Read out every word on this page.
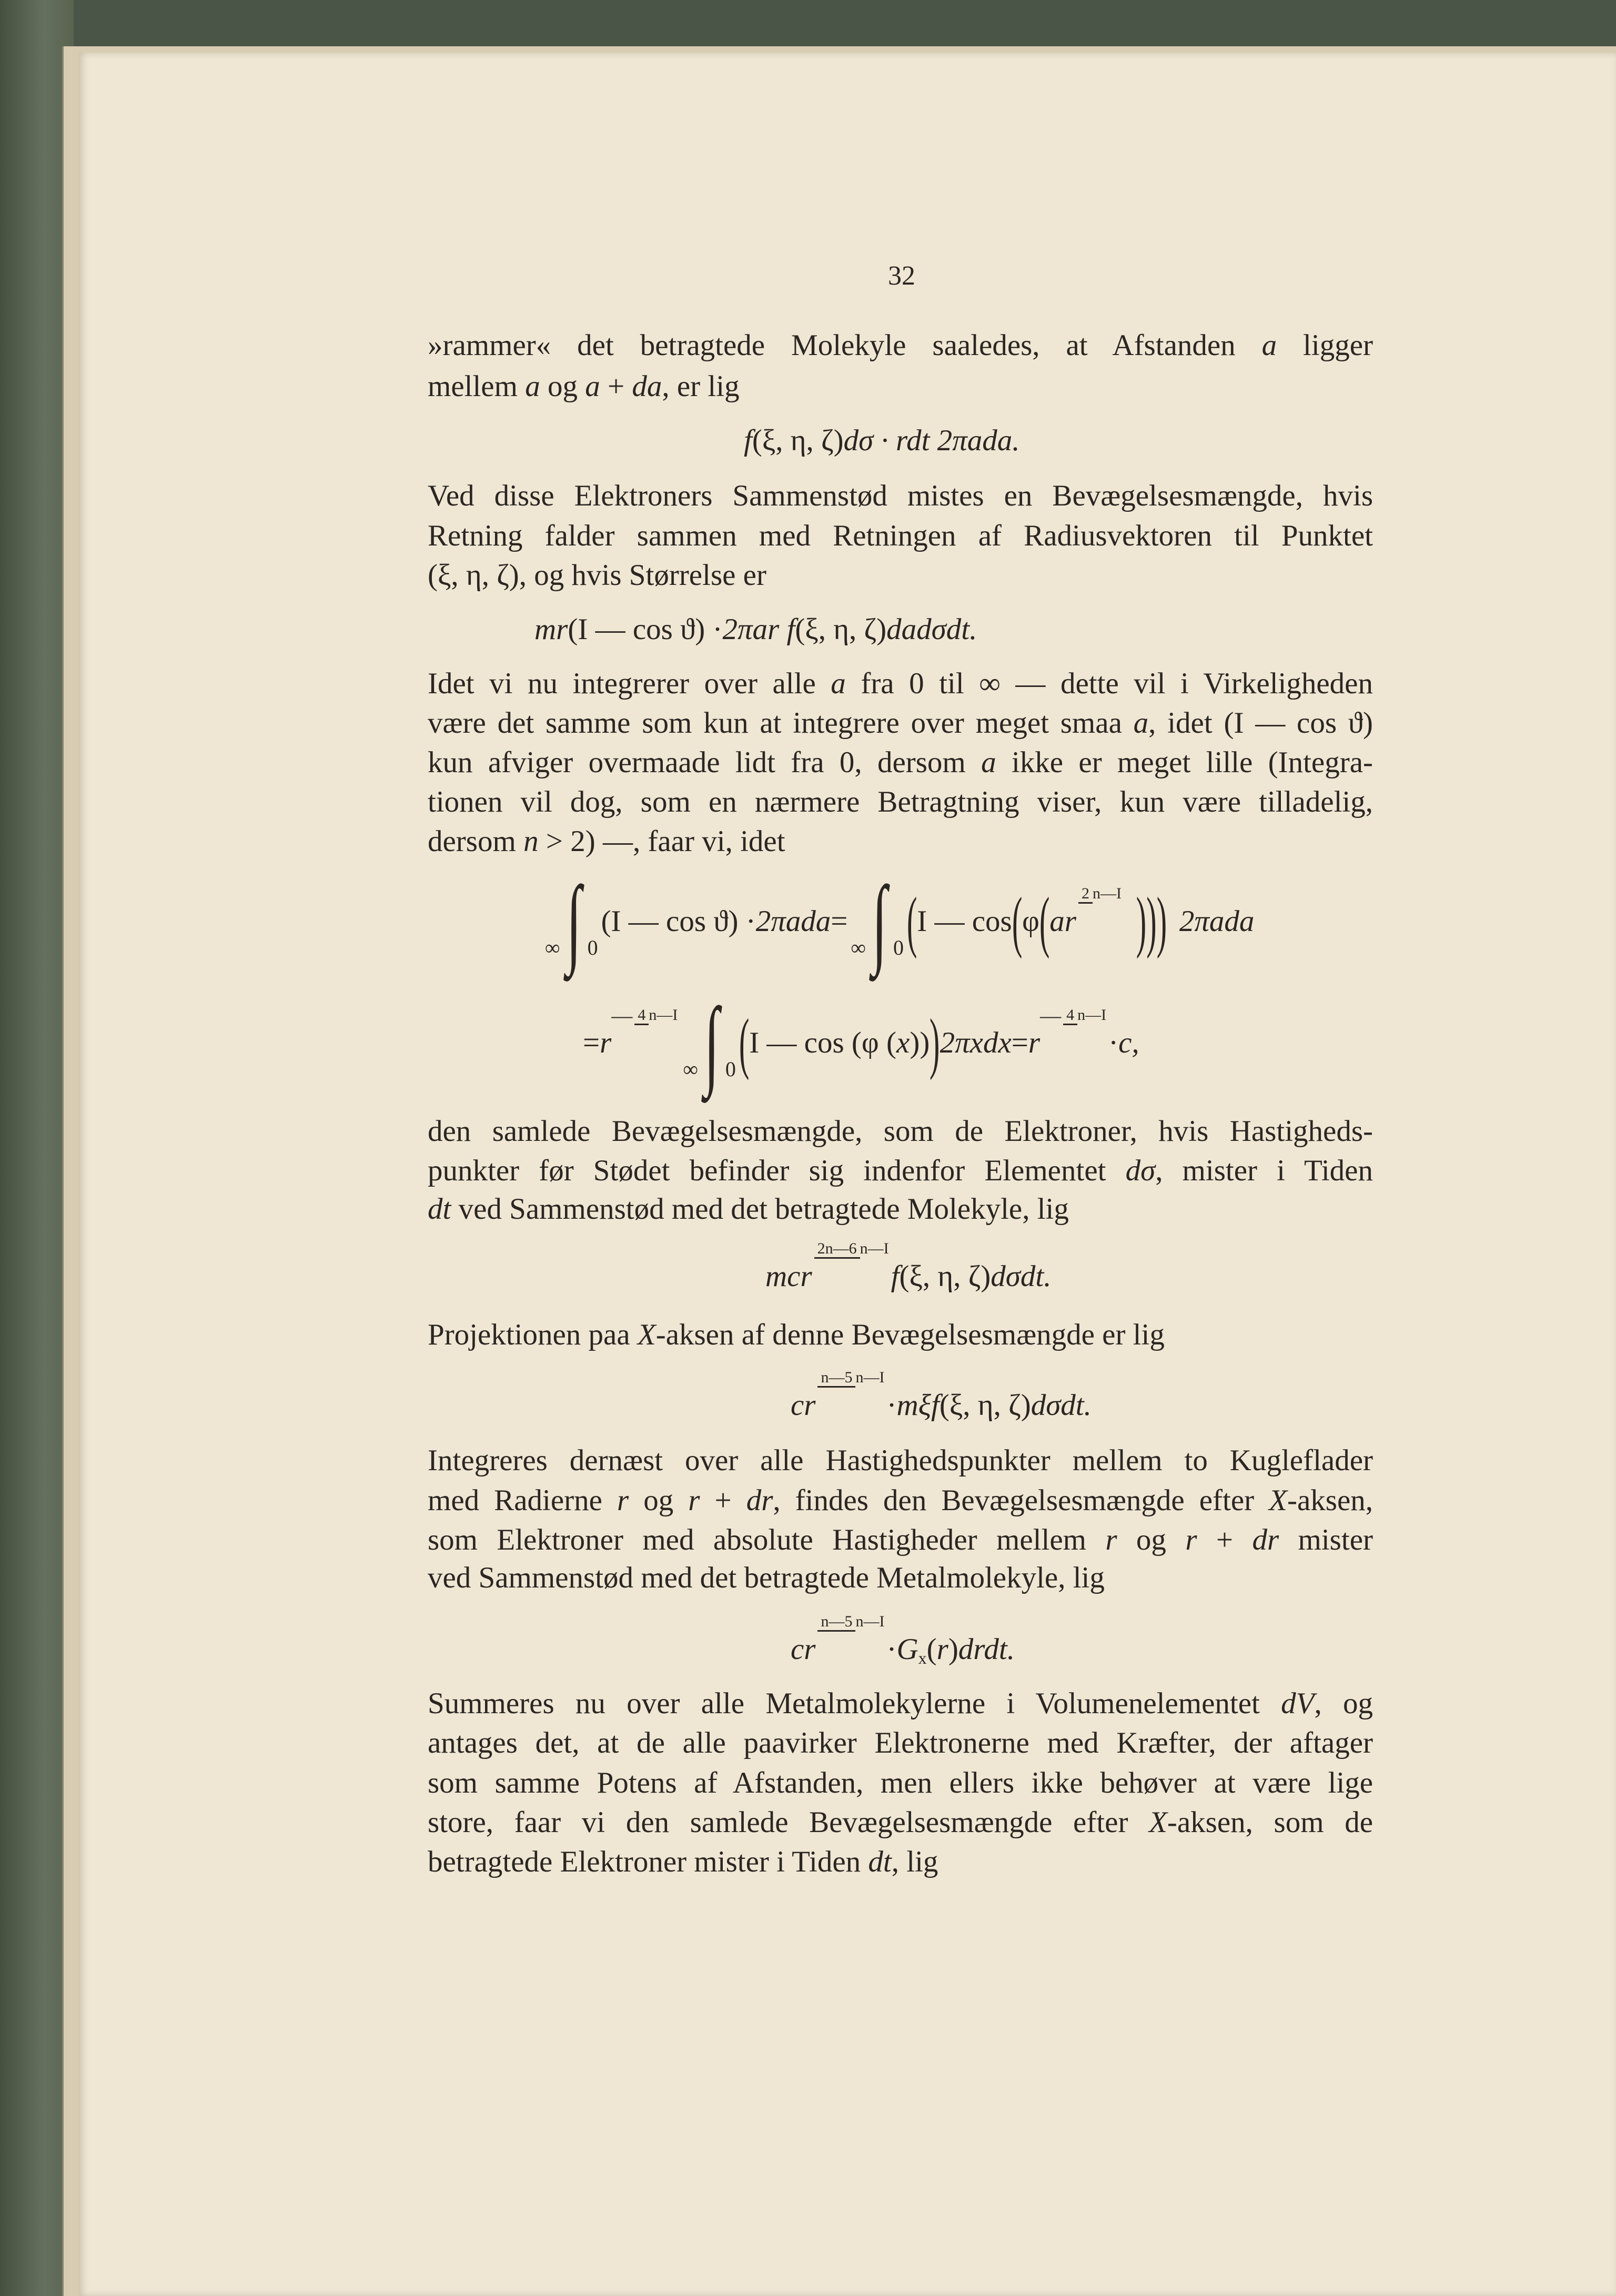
32
»rammer« det betragtede Molekyle saaledes, at Afstanden a ligger
mellem a og a + da, er lig
Ved disse Elektroners Sammenstød mistes en Bevægelsesmængde, hvis
Retning falder sammen med Retningen af Radiusvektoren til Punktet
(ξ, η, ζ), og hvis Størrelse er
Idet vi nu integrerer over alle a fra 0 til ∞ — dette vil i Virkeligheden
være det samme som kun at integrere over meget smaa a, idet (I — cos ϑ)
kun afviger overmaade lidt fra 0, dersom a ikke er meget lille (Integra-
tionen vil dog, som en nærmere Betragtning viser, kun være tilladelig,
dersom n > 2) —, faar vi, idet
den samlede Bevægelsesmængde, som de Elektroner, hvis Hastigheds-
punkter før Stødet befinder sig indenfor Elementet dσ, mister i Tiden
dt ved Sammenstød med det betragtede Molekyle, lig
Projektionen paa X-aksen af denne Bevægelsesmængde er lig
Integreres dernæst over alle Hastighedspunkter mellem to Kugleflader
med Radierne r og r + dr, findes den Bevægelsesmængde efter X-aksen,
som Elektroner med absolute Hastigheder mellem r og r + dr mister
ved Sammenstød med det betragtede Metalmolekyle, lig
Summeres nu over alle Metalmolekylerne i Volumenelementet dV, og
antages det, at de alle paavirker Elektronerne med Kræfter, der aftager
som samme Potens af Afstanden, men ellers ikke behøver at være lige
store, faar vi den samlede Bevægelsesmængde efter X-aksen, som de
betragtede Elektroner mister i Tiden dt, lig
f (ξ, η, ζ) dσ · rdt 2πada.
mr (I — cos ϑ) · 2πar f (ξ, η, ζ) dadσdt.
∞∫ 0
(I — cos ϑ) · 2πada =
∞∫ 0 ( I — cos ( φ ( ar
2 n—I ))) 2πada
= r
— 4 n—I
∞∫ 0 ( I — cos (φ ( x )) ) 2πxdx = r
— 4 n—I
· c,
mcr
2n—6 n—I
f (ξ, η, ζ) dσdt.
cr
n—5 n—I
· mξf (ξ, η, ζ) dσdt.
cr
n—5 n—I
· G x ( r ) drdt.
